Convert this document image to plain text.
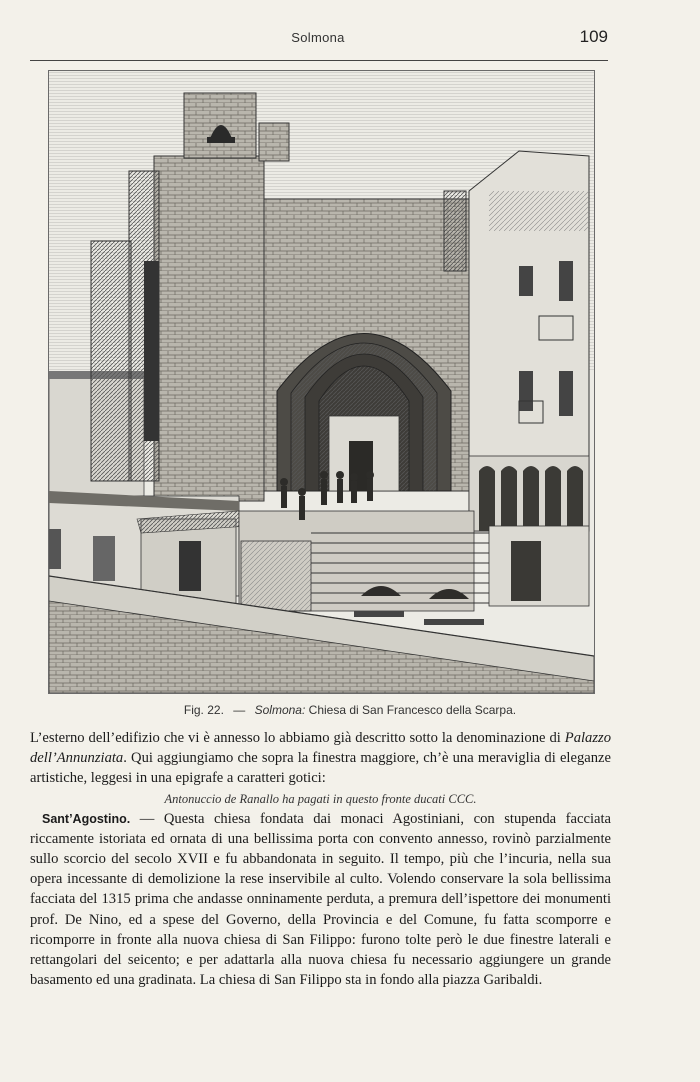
Solmona	109
Fig. 22. — Solmona: Chiesa di San Francesco della Scarpa.

L’esterno dell’edifizio che vi è annesso lo abbiamo già descritto sotto la denominazione di Palazzo dell’Annunziata. Qui aggiungiamo che sopra la finestra maggiore, ch’è una meraviglia di eleganze artistiche, leggesi in una epigrafe a caratteri gotici:

Antonuccio de Ranallo ha pagati in questo fronte ducati CCC.

Sant’Agostino. — Questa chiesa fondata dai monaci Agostiniani, con stupenda facciata riccamente istoriata ed ornata di una bellissima porta con convento annesso, rovinò parzialmente sullo scorcio del secolo XVII e fu abbandonata in seguito. Il tempo, più che l’incuria, nella sua opera incessante di demolizione la rese inservibile al culto. Volendo conservare la sola bellissima facciata del 1315 prima che andasse onninamente perduta, a premura dell’ispettore dei monumenti prof. De Nino, ed a spese del Governo, della Provincia e del Comune, fu fatta scomporre e ricomporre in fronte alla nuova chiesa di San Filippo: furono tolte però le due finestre laterali e rettangolari del seicento; e per adattarla alla nuova chiesa fu necessario aggiungere un grande basamento ed una gradinata. La chiesa di San Filippo sta in fondo alla piazza Garibaldi.
